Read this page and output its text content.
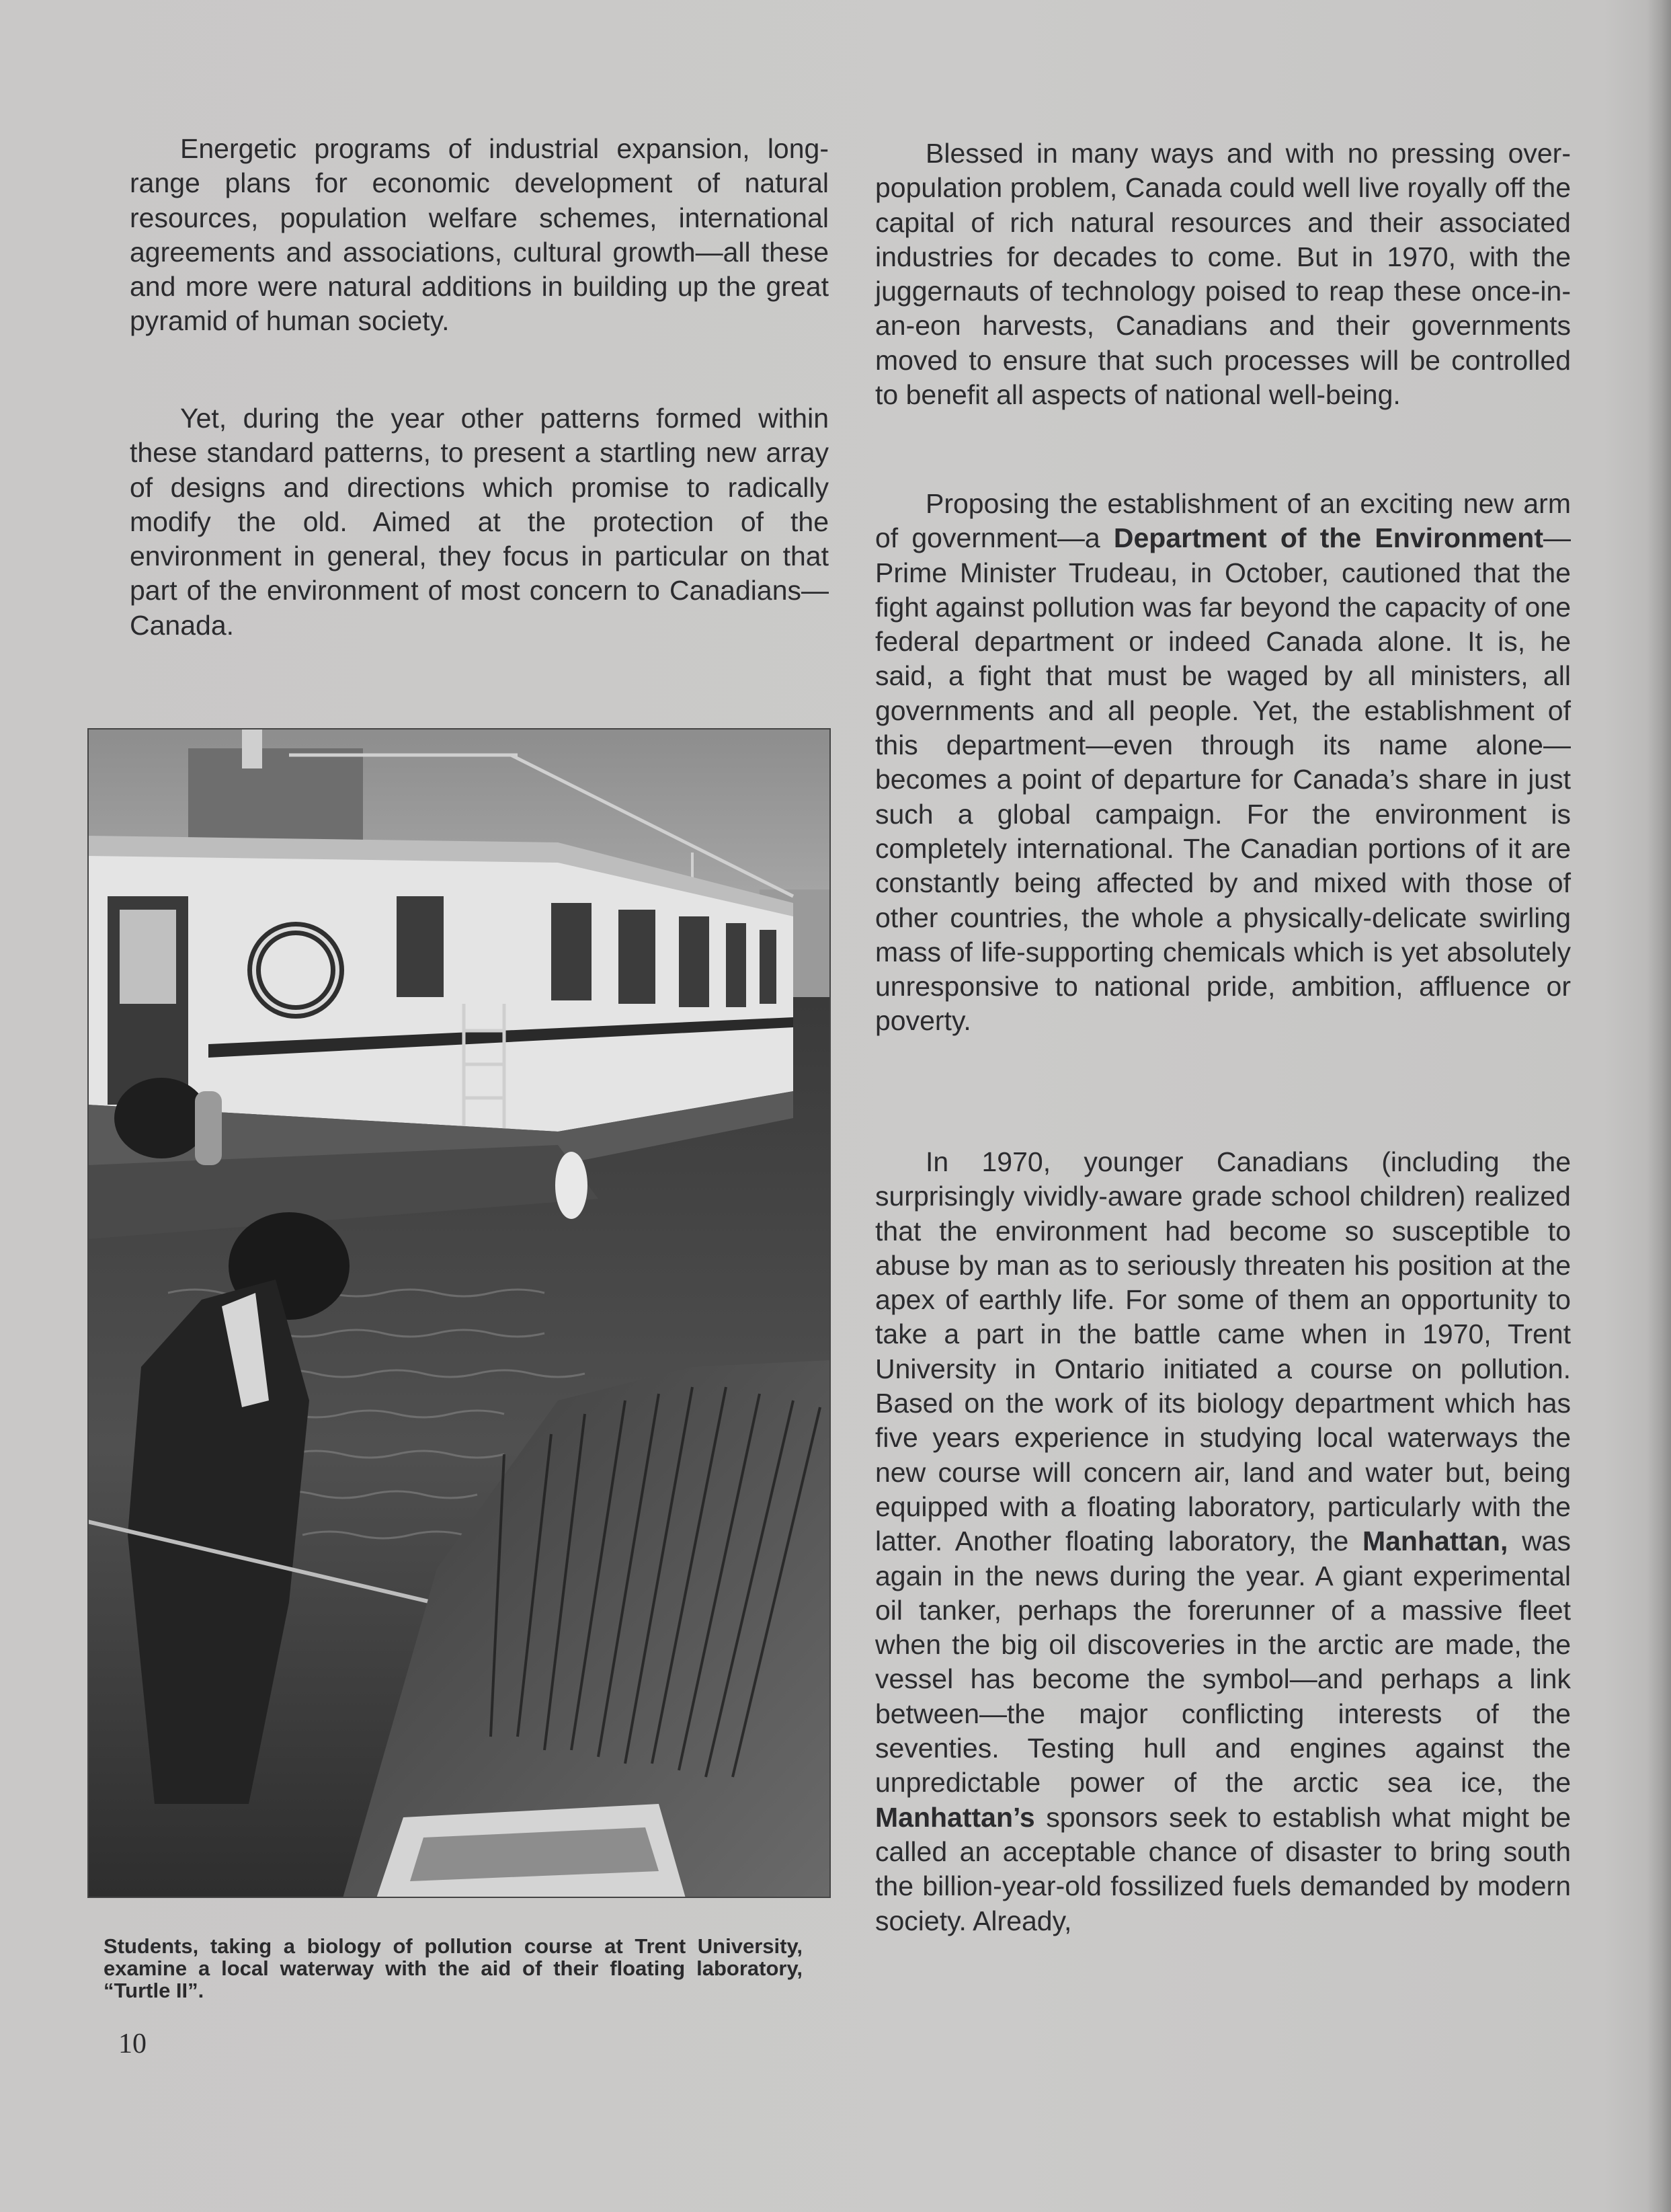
Energetic programs of industrial expansion, long-range plans for economic development of natural resources, population welfare schemes, international agreements and associations, cultural growth—all these and more were natural additions in building up the great pyramid of human society.

Yet, during the year other patterns formed within these standard patterns, to present a startling new array of designs and directions which promise to radically modify the old. Aimed at the protection of the environment in general, they focus in particular on that part of the environment of most concern to Canadians—Canada.

Students, taking a biology of pollution course at Trent University, examine a local waterway with the aid of their floating laboratory, “Turtle II”.

Blessed in many ways and with no pressing over-population problem, Canada could well live royally off the capital of rich natural resources and their associated industries for decades to come. But in 1970, with the juggernauts of technology poised to reap these once-in-an-eon harvests, Canadians and their governments moved to ensure that such processes will be controlled to benefit all aspects of national well-being.

Proposing the establishment of an exciting new arm of government—a Department of the Environment—Prime Minister Trudeau, in October, cautioned that the fight against pollution was far beyond the capacity of one federal department or indeed Canada alone. It is, he said, a fight that must be waged by all ministers, all governments and all people. Yet, the establishment of this department—even through its name alone—becomes a point of departure for Canada’s share in just such a global campaign. For the environment is completely international. The Canadian portions of it are constantly being affected by and mixed with those of other countries, the whole a physically-delicate swirling mass of life-supporting chemicals which is yet absolutely unresponsive to national pride, ambition, affluence or poverty.

In 1970, younger Canadians (including the surprisingly vividly-aware grade school children) realized that the environment had become so susceptible to abuse by man as to seriously threaten his position at the apex of earthly life. For some of them an opportunity to take a part in the battle came when in 1970, Trent University in Ontario initiated a course on pollution. Based on the work of its biology department which has five years experience in studying local waterways the new course will concern air, land and water but, being equipped with a floating laboratory, particularly with the latter. Another floating laboratory, the Manhattan, was again in the news during the year. A giant experimental oil tanker, perhaps the forerunner of a massive fleet when the big oil discoveries in the arctic are made, the vessel has become the symbol—and perhaps a link between—the major conflicting interests of the seventies. Testing hull and engines against the unpredictable power of the arctic sea ice, the Manhattan’s sponsors seek to establish what might be called an acceptable chance of disaster to bring south the billion-year-old fossilized fuels demanded by modern society. Already,

10
